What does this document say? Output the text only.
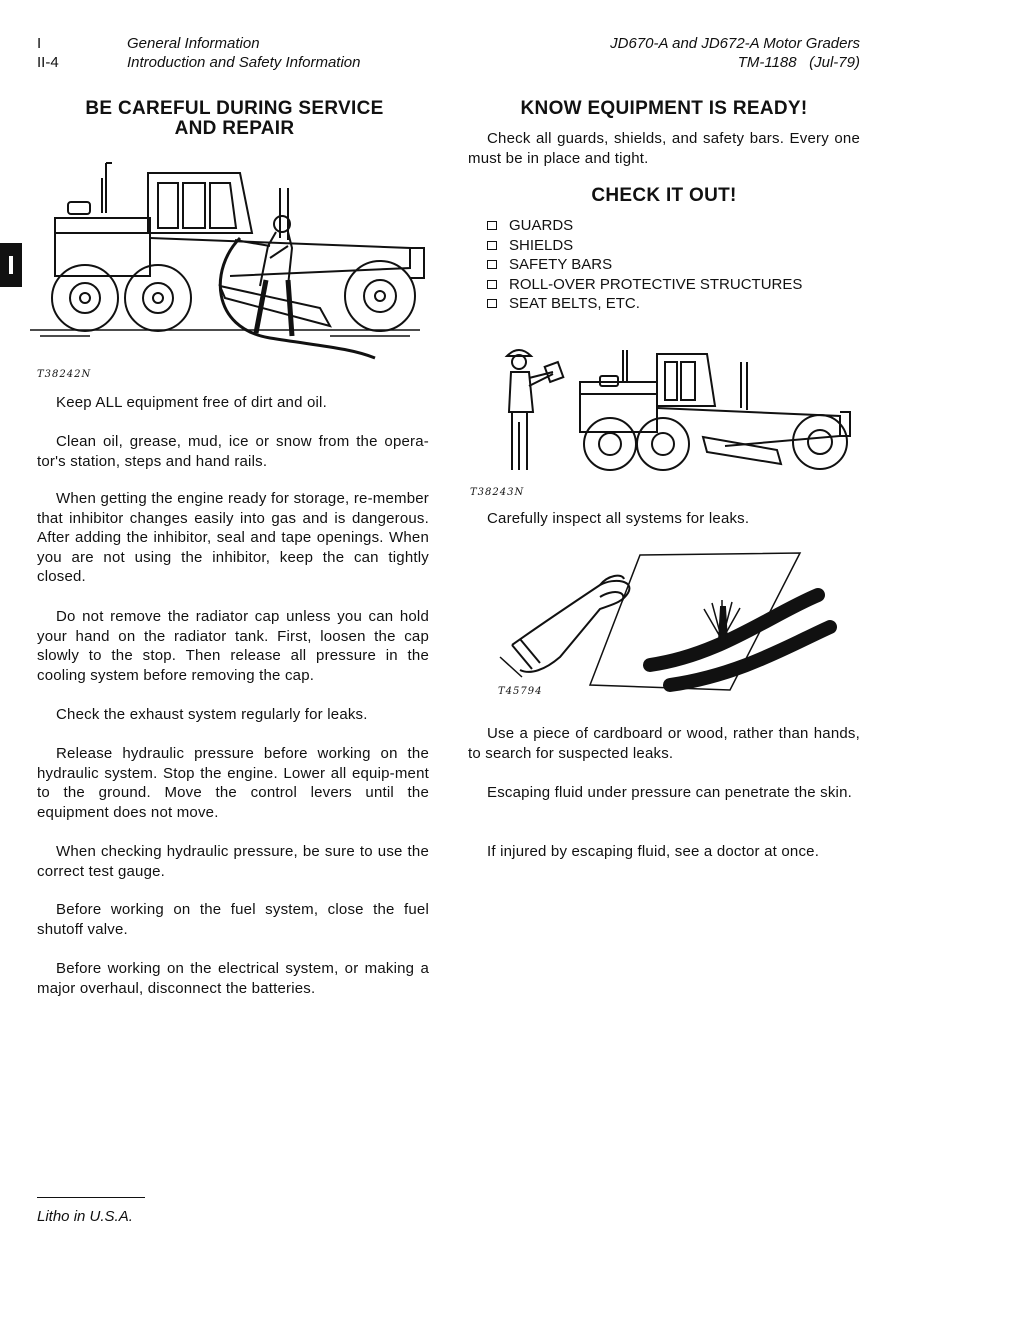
I
II-4
General Information
Introduction and Safety Information
JD670-A and JD672-A Motor Graders
TM-1188 (Jul-79)
BE CAREFUL DURING SERVICE
AND REPAIR
T38242N
Keep ALL equipment free of dirt and oil.
Clean oil, grease, mud, ice or snow from the opera-tor's station, steps and hand rails.
When getting the engine ready for storage, re-member that inhibitor changes easily into gas and is dangerous. After adding the inhibitor, seal and tape openings. When you are not using the inhibitor, keep the can tightly closed.
Do not remove the radiator cap unless you can hold your hand on the radiator tank. First, loosen the cap slowly to the stop. Then release all pressure in the cooling system before removing the cap.
Check the exhaust system regularly for leaks.
Release hydraulic pressure before working on the hydraulic system. Stop the engine. Lower all equip-ment to the ground. Move the control levers until the equipment does not move.
When checking hydraulic pressure, be sure to use the correct test gauge.
Before working on the fuel system, close the fuel shutoff valve.
Before working on the electrical system, or making a major overhaul, disconnect the batteries.
KNOW EQUIPMENT IS READY!
Check all guards, shields, and safety bars. Every one must be in place and tight.
CHECK IT OUT!
GUARDS
SHIELDS
SAFETY BARS
ROLL-OVER PROTECTIVE STRUCTURES
SEAT BELTS, ETC.
T38243N
Carefully inspect all systems for leaks.
T45794
Use a piece of cardboard or wood, rather than hands, to search for suspected leaks.
Escaping fluid under pressure can penetrate the skin.
If injured by escaping fluid, see a doctor at once.
Litho in U.S.A.
